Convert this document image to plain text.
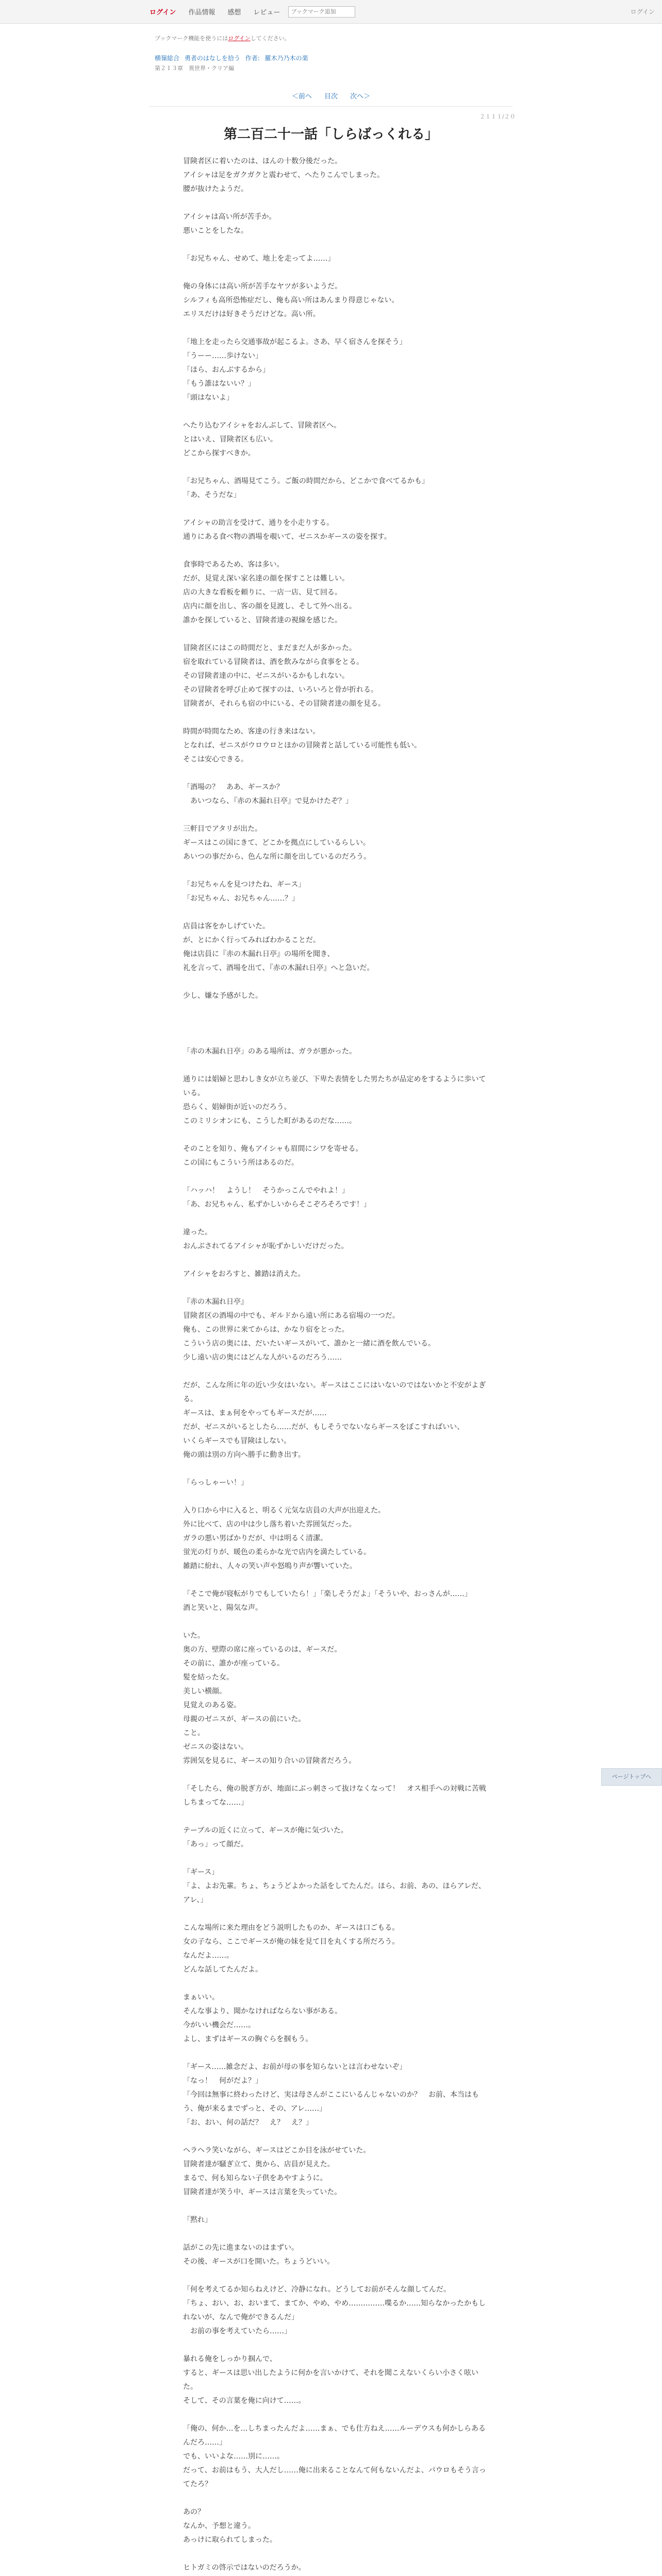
ログイン	作品情報	感想	レビュー
ブックマーク追加	ログイン
ブックマーク機能を使うにはログインしてください。
横嶺総合 勇者のはなしを拾う 作者: 羅木乃乃木の楽
第２１３章　異世界・クリア編
＜前へ 目次 次へ＞
２１１１/２０
第二百二十一話「しらばっくれる」

冒険者区に着いたのは、ほんの十数分後だった。
アイシャは足をガクガクと震わせて、へたりこんでしまった。
腰が抜けたようだ。

アイシャは高い所が苦手か。
悪いことをしたな。

「お兄ちゃん、せめて、地上を走ってよ……」

俺の身体には高い所が苦手なヤツが多いようだ。
シルフィも高所恐怖症だし、俺も高い所はあんまり得意じゃない。
エリスだけは好きそうだけどな。高い所。

「地上を走ったら交通事故が起こるよ。さあ、早く宿さんを探そう」
「うーー……歩けない」
「ほら、おんぶするから」
「もう誰はないい？」
「頭はないよ」

へたり込むアイシャをおんぶして、冒険者区へ。
とはいえ、冒険者区も広い。
どこから探すべきか。

「お兄ちゃん、酒場見てこう。ご飯の時間だから、どこかで食べてるかも」
「あ、そうだな」

アイシャの助言を受けて、通りを小走りする。
通りにある食べ物の酒場を覗いて、ゼニスかギースの姿を探す。

食事時であるため、客は多い。
だが、見覚え深い家名達の顔を探すことは難しい。
店の大きな看板を頼りに、一店一店、見て回る。
店内に顔を出し、客の顔を見渡し、そして外へ出る。
誰かを探していると、冒険者達の視線を感じた。

冒険者区にはこの時間だと、まだまだ人が多かった。
宿を取れている冒険者は、酒を飲みながら食事をとる。
その冒険者達の中に、ゼニスがいるかもしれない。
その冒険者を呼び止めて探すのは、いろいろと骨が折れる。
冒険者が、それらも宿の中にいる、その冒険者達の顔を見る。

時間が時間なため、客達の行き来はない。
となれば、ゼニスがウロウロとほかの冒険者と話している可能性も低い。
そこは安心できる。

「酒場の？　ああ、ギースか？
　あいつなら、『赤の木漏れ日亭』で見かけたぞ？」

三軒目でアタリが出た。
ギースはこの国にきて、どこかを拠点にしているらしい。
あいつの事だから、色んな所に顔を出しているのだろう。

「お兄ちゃんを見つけたね、ギース」
「お兄ちゃん、お兄ちゃん……？」

店員は客をかしげていた。
が、とにかく行ってみればわかることだ。
俺は店員に『赤の木漏れ日亭』の場所を聞き、
礼を言って、酒場を出て、『赤の木漏れ日亭』へと急いだ。

少し、嫌な予感がした。

「赤の木漏れ日亭」のある場所は、ガラが悪かった。

通りには娼婦と思わしき女が立ち並び、下卑た表情をした男たちが品定めをするように歩いている。
恐らく、娼婦街が近いのだろう。
このミリシオンにも、こうした町があるのだな……。

そのことを知り、俺もアイシャも眉間にシワを寄せる。
この国にもこういう所はあるのだ。

「ハッハ！　ようし！　そうかっこんでやれよ！」
「あ、お兄ちゃん、私ずかしいからそこぞろそろです！」

違った。
おんぶされてるアイシャが恥ずかしいだけだった。

アイシャをおろすと、雑踏は消えた。

『赤の木漏れ日亭』
冒険者区の酒場の中でも、ギルドから遠い所にある宿場の一つだ。
俺も、この世界に来てからは、かなり宿をとった。
こういう店の奥には、だいたいギースがいて、誰かと一緒に酒を飲んでいる。
少し遠い店の奥にはどんな人がいるのだろう……

だが、こんな所に年の近い少女はいない。ギースはここにはいないのではないかと不安がよぎる。
ギースは、まぁ何をやってもギースだが……
だが、ゼニスがいるとしたら……だが、もしそうでないならギースをぼこすればいい、
いくらギースでも冒険はしない。
俺の頭は別の方向へ勝手に動き出す。

「らっしゃーい！」

入り口から中に入ると、明るく元気な店員の大声が出迎えた。
外に比べて、店の中は少し落ち着いた雰囲気だった。
ガラの悪い男ばかりだが、中は明るく清潔。
蛍光の灯りが、暖色の柔らかな光で店内を満たしている。
雑踏に紛れ、人々の笑い声や怒鳴り声が響いていた。

「そこで俺が寝転がりでもしていたら！」「楽しそうだよ」「そういや、おっさんが……」
酒と笑いと、陽気な声。

いた。
奥の方、壁際の席に座っているのは、ギースだ。
その前に、誰かが座っている。
髪を結った女。
美しい横顔。
見覚えのある姿。
母親のゼニスが、ギースの前にいた。
こと。
ゼニスの姿はない。
雰囲気を見るに、ギースの知り合いの冒険者だろう。

「そしたら、俺の脱ぎ方が、地面にぶっ刺さって抜けなくなって！　オス相手への対戦に苦戦しちまってな……」

テーブルの近くに立って、ギースが俺に気づいた。
「あっ」って顔だ。

「ギース」
「よ、よお先輩。ちょ、ちょうどよかった話をしてたんだ。ほら、お前、あの、ほらアレだ、アレ、」

こんな場所に来た理由をどう説明したものか、ギースは口ごもる。
女の子なら、ここでギースが俺の妹を見て目を丸くする所だろう。
なんだよ……。
どんな話してたんだよ。

まぁいい。
そんな事より、聞かなければならない事がある。
今がいい機会だ……。
よし、まずはギースの胸ぐらを掴もう。

「ギース……雑念だよ、お前が母の事を知らないとは言わせないぞ」
「なっ！　何がだよ？」
「今回は無事に終わったけど、実は母さんがここにいるんじゃないのか？　お前、本当はもう、俺が来るまでずっと、その、アレ……」
「お、おい、何の話だ？　え？　え？」

ヘラヘラ笑いながら、ギースはどこか目を泳がせていた。
冒険者達が騒ぎ立て、奥から、店員が見えた。
まるで、何も知らない子供をあやすように。
冒険者達が笑う中、ギースは言葉を失っていた。

「黙れ」

話がこの先に進まないのはまずい。
その後、ギースが口を開いた。ちょうどいい。

「何を考えてるか知らねえけど、冷静になれ。どうしてお前がそんな顔してんだ。
「ちょ、おい、お、おいまて、まてか、やめ、やめ……………喋るか……知らなかったかもしれないが、なんで俺ができるんだ」
　お前の事を考えていたら……」

暴れる俺をしっかり掴んで、
すると、ギースは思い出したように何かを言いかけて、それを聞こえないくらい小さく呟いた。
そして、その言葉を俺に向けて……。

「俺の、何か…を…しちまったんだよ……まぁ、でも仕方ねえ……ルーデウスも何かしらあるんだろ……」
でも、いいよな……別に……。
だって、お前はもう、大人だし……俺に出来ることなんて何もないんだよ、パウロもそう言ってたろ？

あの？
なんか、予想と違う。
あっけに取られてしまった。

ヒトガミの啓示ではないのだろうか。

ページトップへ
